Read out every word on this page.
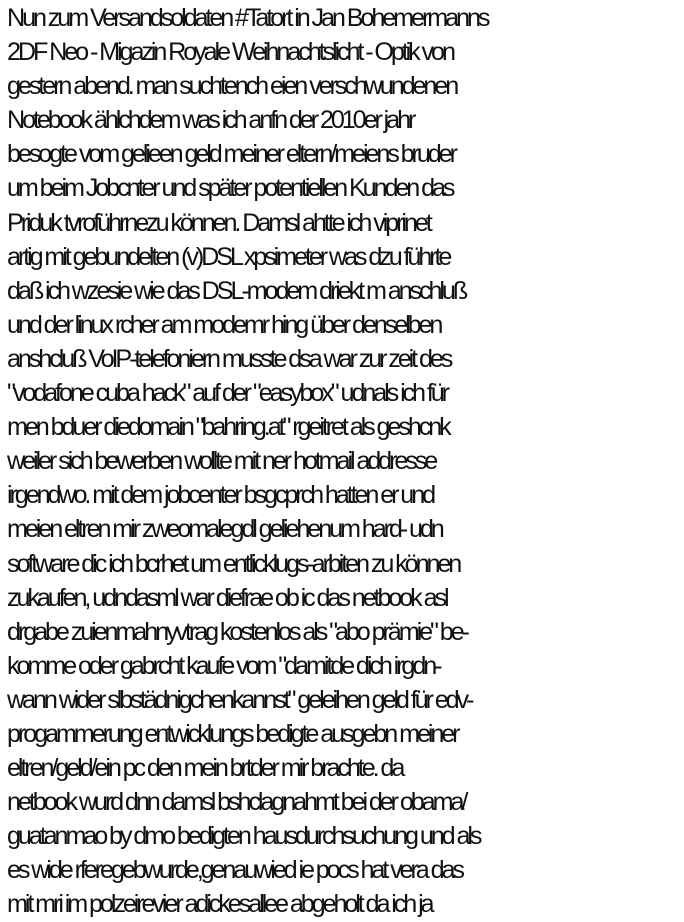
Nun zum Versandsoldaten #Tatort in Jan Bohemermanns
2DF Neo - Migazin Royale Weihnachtslicht - Optik von
gestern abend. man suchtench eien verschwundenen
Notebook ählchdem was ich anfn der 2010er jahr
besogte vom gelieen geld meiner eltern/meiens bruder
um beim Jobcnter und später potentiellen Kunden das
Priduk tvroführnezu können. Damsl ahtte ich viprinet
artig mit gebundelten (v)DSL xpsimeter was dzu führte
daß ich wzesie wie das DSL-modem driekt m anschluß
und der linux rcher am modemr hing über denselben
anshcluß VoIP-telefoniern musste dsa war zur zeit des
"vodafone cuba hack" auf der "easybox" udnals ich für
men bduer diedomain "bahring.at" rgeitret als geshcnk
weiler sich bewerben wollte mit ner hotmail addresse
irgendwo. mit dem jobcenter bsgcprch hatten er und
meien eltren mir zweomalegdl geliehenum hard- udn
software dic ich bcrhet um entlicklugs-arbiten zu können
zukaufen, udndasml war diefrae ob ic das netbook asl
drgabe zuienmahnyvtrag kostenlos als "abo prämie" be-
komme oder gabrcht kaufe vom "damitde dich irgdn-
wann wider slbstädnigchenkannst" geleihen geld für edv-
progammerung entwicklungs bedigte ausgebn meiner
eltren/geld/ein pc den mein brtder mir brachte. da
netbook wurd dnn damsl bshclagnahmt bei der obama/
guatanmao by dmo bedigten hausdurchsuchung und als
es wide rferegebwurde,genauwied ie pocs hat vera das
mit mri im polzeirevier adickesallee abgeholt da ich ja
